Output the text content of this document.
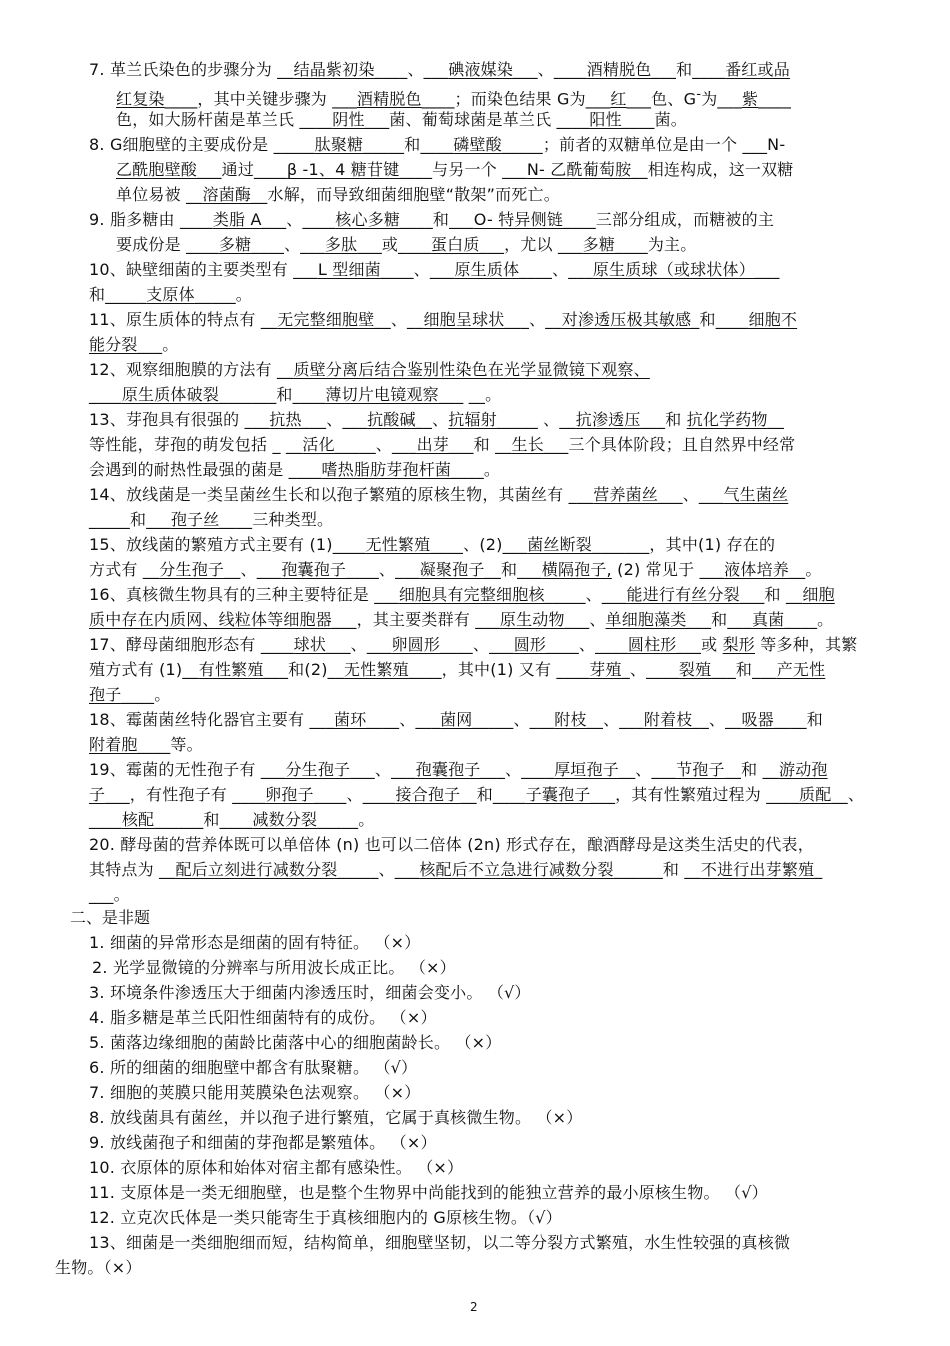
7. 革兰氏染色的步骤分为 __结晶紫初染____、___碘液媒染___、____酒精脱色___和____番红或品
红复染____，其中关键步骤为 ___酒精脱色____；而染色结果 G为___红___色、G-为___紫____
色，如大肠杆菌是革兰氏 ____阴性___菌、葡萄球菌是革兰氏 ____阳性____菌。
8. G细胞壁的主要成份是 _____肽聚糖_____和____磷壁酸_____；前者的双糖单位是由一个 ___N-
乙酰胞壁酸___通过____β -1、4 糖苷键____与另一个 ___N- 乙酰葡萄胺__相连构成，这一双糖
单位易被 __溶菌酶__水解，而导致细菌细胞壁“散架”而死亡。
9. 脂多糖由 ____类脂 A___、____核心多糖____和___O- 特异侧链____三部分组成，而糖被的主
要成份是 ____多糖____、___多肽___或____蛋白质___，尤以 ___多糖____为主。
10、缺壁细菌的主要类型有 ___L 型细菌____、___原生质体____、___原生质球（或球状体）___
和_____支原体_____。
11、原生质体的特点有 __无完整细胞壁__、__细胞呈球状___、__对渗透压极其敏感_和____细胞不
能分裂___。
12、观察细胞膜的方法有 __质壁分离后结合鉴别性染色在光学显微镜下观察、
____原生质体破裂_______和____薄切片电镜观察___ __。
13、芽孢具有很强的 ___抗热___、___抗酸碱__、抗辐射_____ 、__抗渗透压___和 抗化学药物__
等性能，芽孢的萌发包括 _ __活化_____、___出芽___和 __生长___三个具体阶段；且自然界中经常
会遇到的耐热性最强的菌是 ____嗜热脂肪芽孢杆菌____。
14、放线菌是一类呈菌丝生长和以孢子繁殖的原核生物，其菌丝有 ___营养菌丝___、___气生菌丝
_____和___孢子丝____三种类型。
15、放线菌的繁殖方式主要有 (1)____无性繁殖____、(2)___菌丝断裂_______，其中(1) 存在的
方式有 __分生孢子__、___孢囊孢子____、___凝聚孢子__和___横隔孢子, (2) 常见于 ___液体培养__。
16、真核微生物具有的三种主要特征是 ___细胞具有完整细胞核_____、___能进行有丝分裂___和 __细胞
质中存在内质网、线粒体等细胞器___，其主要类群有 ___原生动物___、单细胞藻类___和___真菌____。
17、酵母菌细胞形态有 ____球状___、___卵圆形____、___圆形____、____圆柱形___或 梨形 等多种，其繁
殖方式有 (1)__有性繁殖___和(2)__无性繁殖____，其中(1) 又有 ____芽殖_、____裂殖___和___产无性
孢子____。
18、霉菌菌丝特化器官主要有 ___菌环____、___菌网_____、___附枝__、___附着枝__、__吸器____和
附着胞____等。
19、霉菌的无性孢子有 ___分生孢子___、___孢囊孢子___、____厚垣孢子__、___节孢子__和 __游动孢
子___，有性孢子有 ____卵孢子____、____接合孢子__和____子囊孢子___，其有性繁殖过程为 ____质配__、
____核配______和____减数分裂_____。
20. 酵母菌的营养体既可以单倍体 (n) 也可以二倍体 (2n) 形式存在，酿酒酵母是这类生活史的代表，
其特点为 __配后立刻进行减数分裂_____、___核配后不立急进行减数分裂______和 __不进行出芽繁殖_
___。
二、是非题
1. 细菌的异常形态是细菌的固有特征。 （×）
2. 光学显微镜的分辨率与所用波长成正比。 （×）
3. 环境条件渗透压大于细菌内渗透压时，细菌会变小。 （√）
4. 脂多糖是革兰氏阳性细菌特有的成份。 （×）
5. 菌落边缘细胞的菌龄比菌落中心的细胞菌龄长。 （×）
6. 所的细菌的细胞壁中都含有肽聚糖。 （√）
7. 细胞的荚膜只能用荚膜染色法观察。 （×）
8. 放线菌具有菌丝，并以孢子进行繁殖，它属于真核微生物。 （×）
9. 放线菌孢子和细菌的芽孢都是繁殖体。 （×）
10. 衣原体的原体和始体对宿主都有感染性。 （×）
11. 支原体是一类无细胞壁，也是整个生物界中尚能找到的能独立营养的最小原核生物。 （√）
12. 立克次氏体是一类只能寄生于真核细胞内的 G原核生物。（√）
13、细菌是一类细胞细而短，结构简单，细胞壁坚韧，以二等分裂方式繁殖，水生性较强的真核微
生物。（×）
2
